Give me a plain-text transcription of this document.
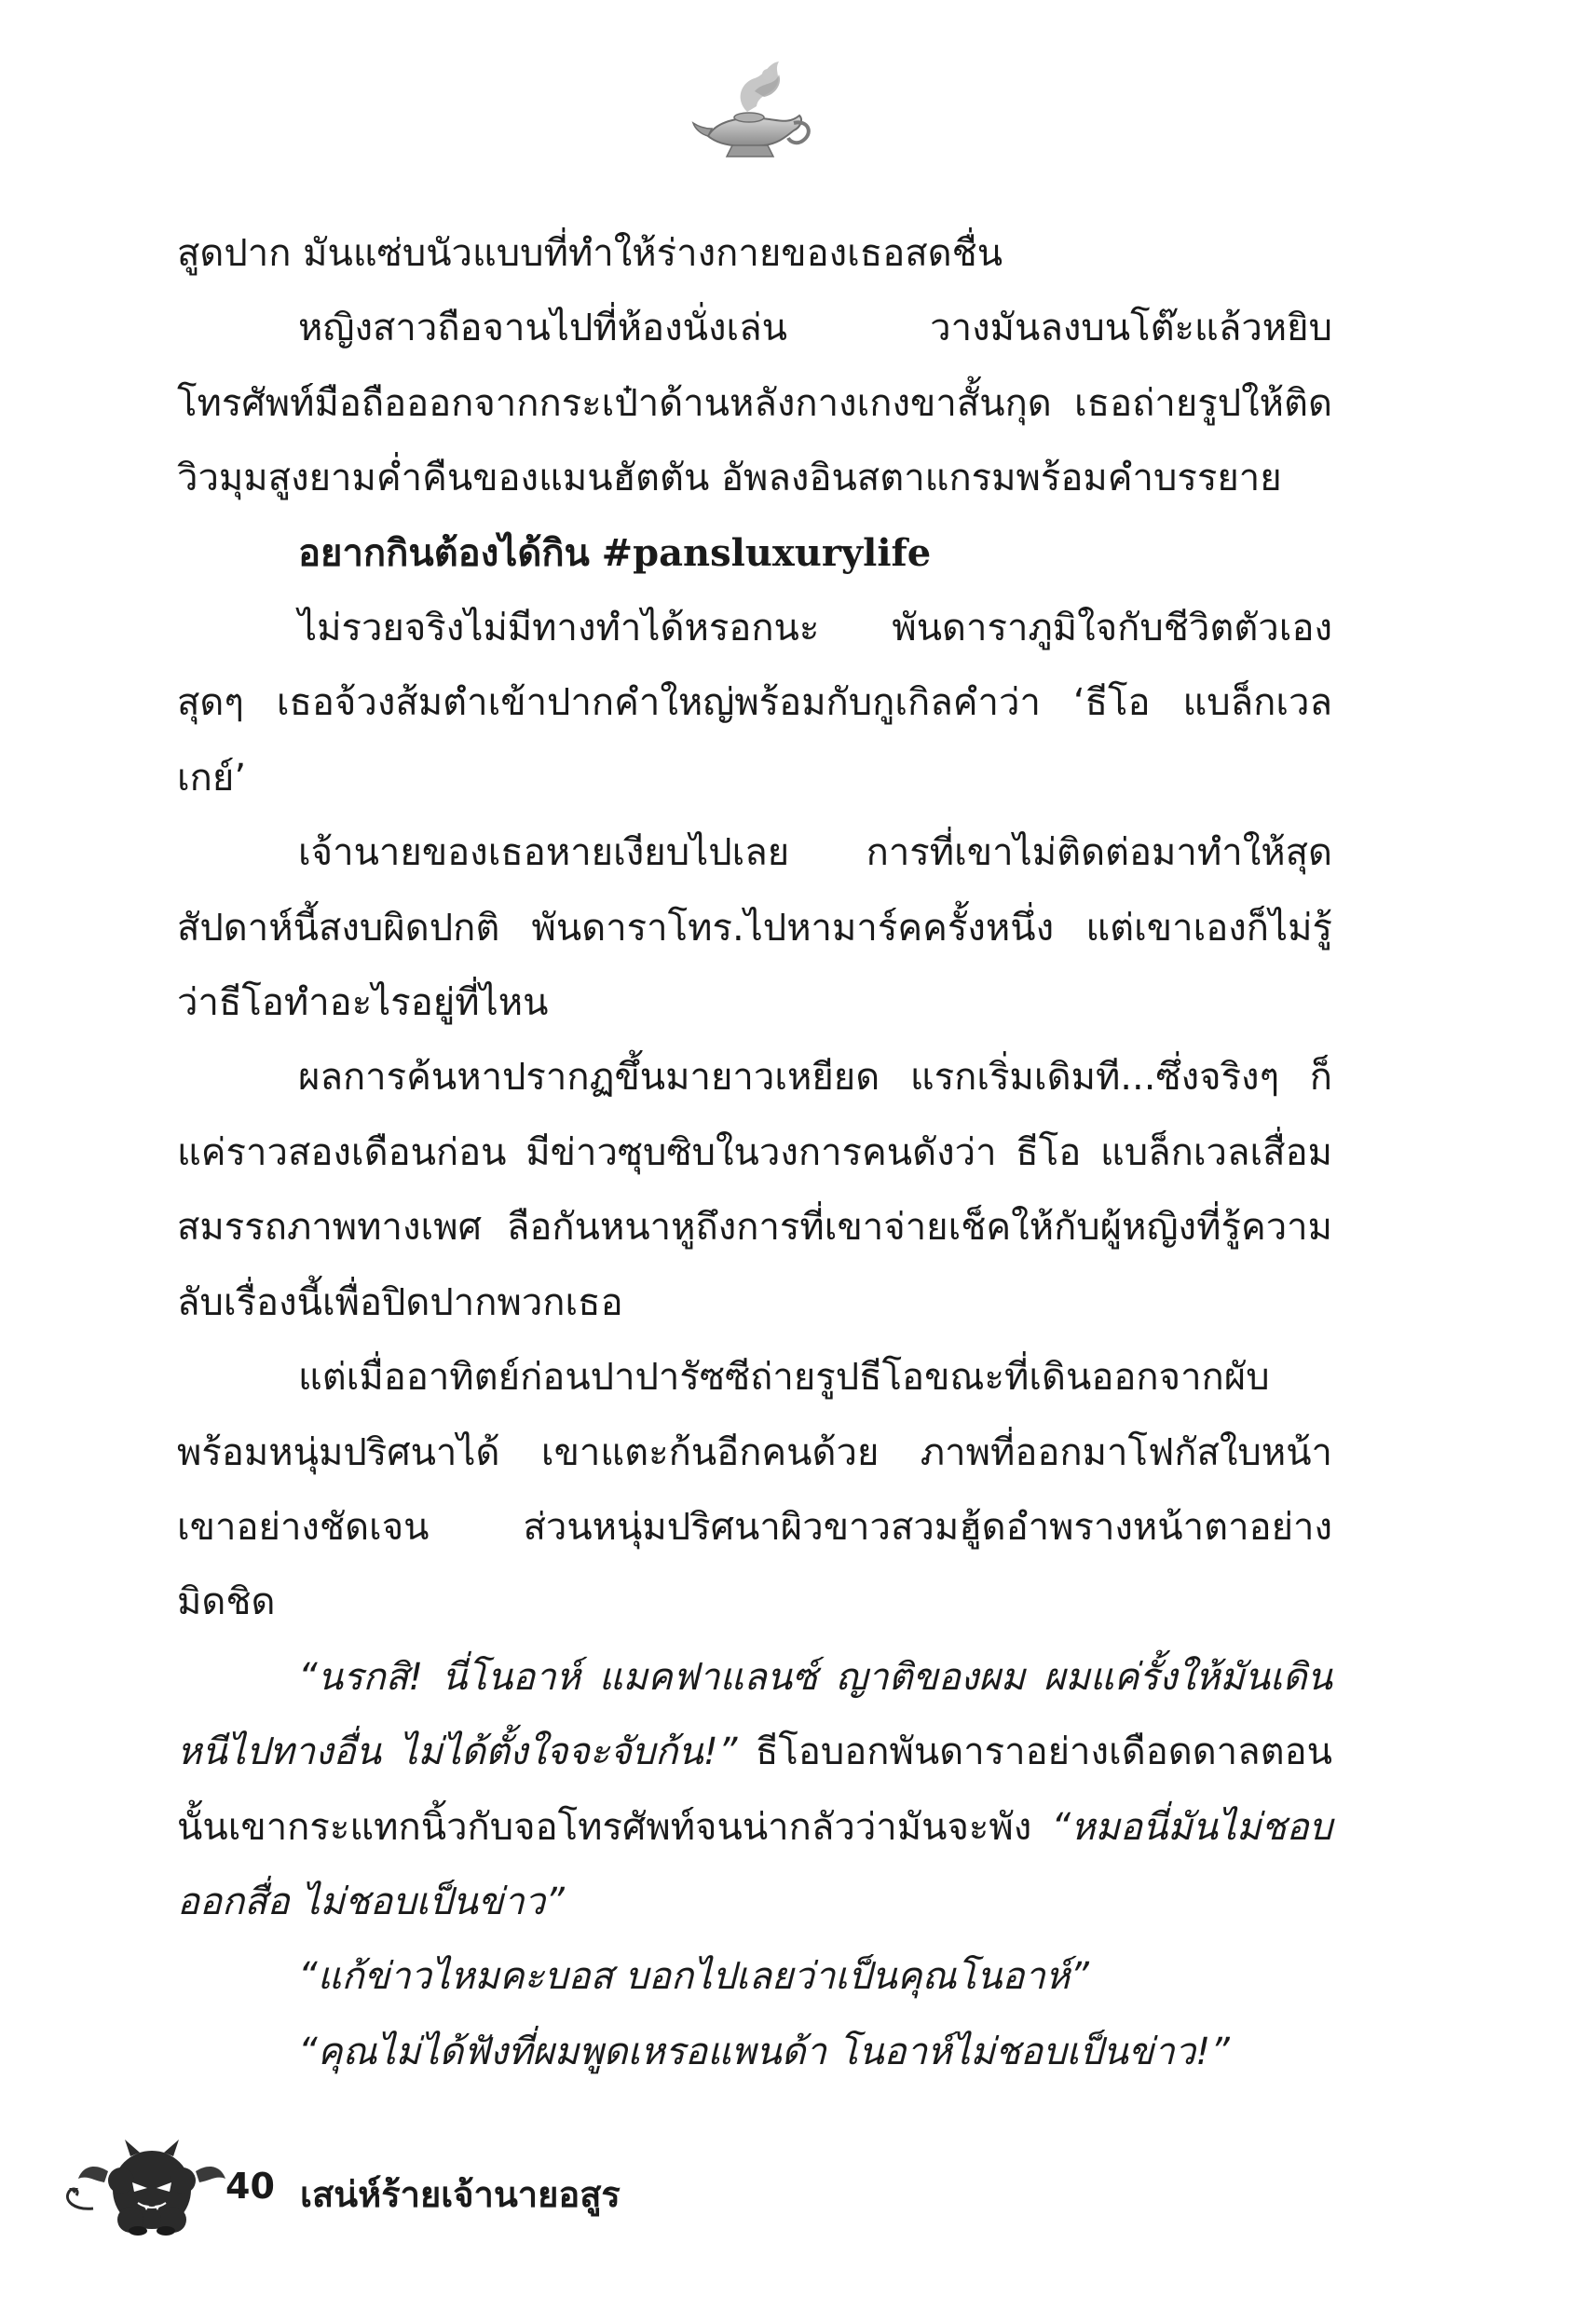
สูดปาก มันแซ่บนัวแบบที่ทำให้ร่างกายของเธอสดชื่น

หญิงสาวถือจานไปที่ห้องนั่งเล่น วางมันลงบนโต๊ะแล้วหยิบโทรศัพท์มือถือออกจากกระเป๋าด้านหลังกางเกงขาสั้นกุด เธอถ่ายรูปให้ติดวิวมุมสูงยามค่ำคืนของแมนฮัตตัน อัพลงอินสตาแกรมพร้อมคำบรรยาย

อยากกินต้องได้กิน #pansluxurylife

ไม่รวยจริงไม่มีทางทำได้หรอกนะ พันดาราภูมิใจกับชีวิตตัวเองสุดๆ เธอจ้วงส้มตำเข้าปากคำใหญ่พร้อมกับกูเกิลคำว่า ‘ธีโอ แบล็กเวลเกย์’

เจ้านายของเธอหายเงียบไปเลย การที่เขาไม่ติดต่อมาทำให้สุดสัปดาห์นี้สงบผิดปกติ พันดาราโทร.ไปหามาร์คครั้งหนึ่ง แต่เขาเองก็ไม่รู้ว่าธีโอทำอะไรอยู่ที่ไหน

ผลการค้นหาปรากฏขึ้นมายาวเหยียด แรกเริ่มเดิมที...ซึ่งจริงๆ ก็แค่ราวสองเดือนก่อน มีข่าวซุบซิบในวงการคนดังว่า ธีโอ แบล็กเวลเสื่อมสมรรถภาพทางเพศ ลือกันหนาหูถึงการที่เขาจ่ายเช็คให้กับผู้หญิงที่รู้ความลับเรื่องนี้เพื่อปิดปากพวกเธอ

แต่เมื่ออาทิตย์ก่อนปาปารัซซีถ่ายรูปธีโอขณะที่เดินออกจากผับพร้อมหนุ่มปริศนาได้ เขาแตะก้นอีกคนด้วย ภาพที่ออกมาโฟกัสใบหน้าเขาอย่างชัดเจน ส่วนหนุ่มปริศนาผิวขาวสวมฮู้ดอำพรางหน้าตาอย่างมิดชิด

“นรกสิ! นี่โนอาห์ แมคฟาแลนซ์ ญาติของผม ผมแค่รั้งให้มันเดินหนีไปทางอื่น ไม่ได้ตั้งใจจะจับก้น!” ธีโอบอกพันดาราอย่างเดือดดาลตอนนั้นเขากระแทกนิ้วกับจอโทรศัพท์จนน่ากลัวว่ามันจะพัง “หมอนี่มันไม่ชอบออกสื่อ ไม่ชอบเป็นข่าว”

“แก้ข่าวไหมคะบอส บอกไปเลยว่าเป็นคุณโนอาห์”

“คุณไม่ได้ฟังที่ผมพูดเหรอแพนด้า โนอาห์ไม่ชอบเป็นข่าว!”

40 เสน่ห์ร้ายเจ้านายอสูร
